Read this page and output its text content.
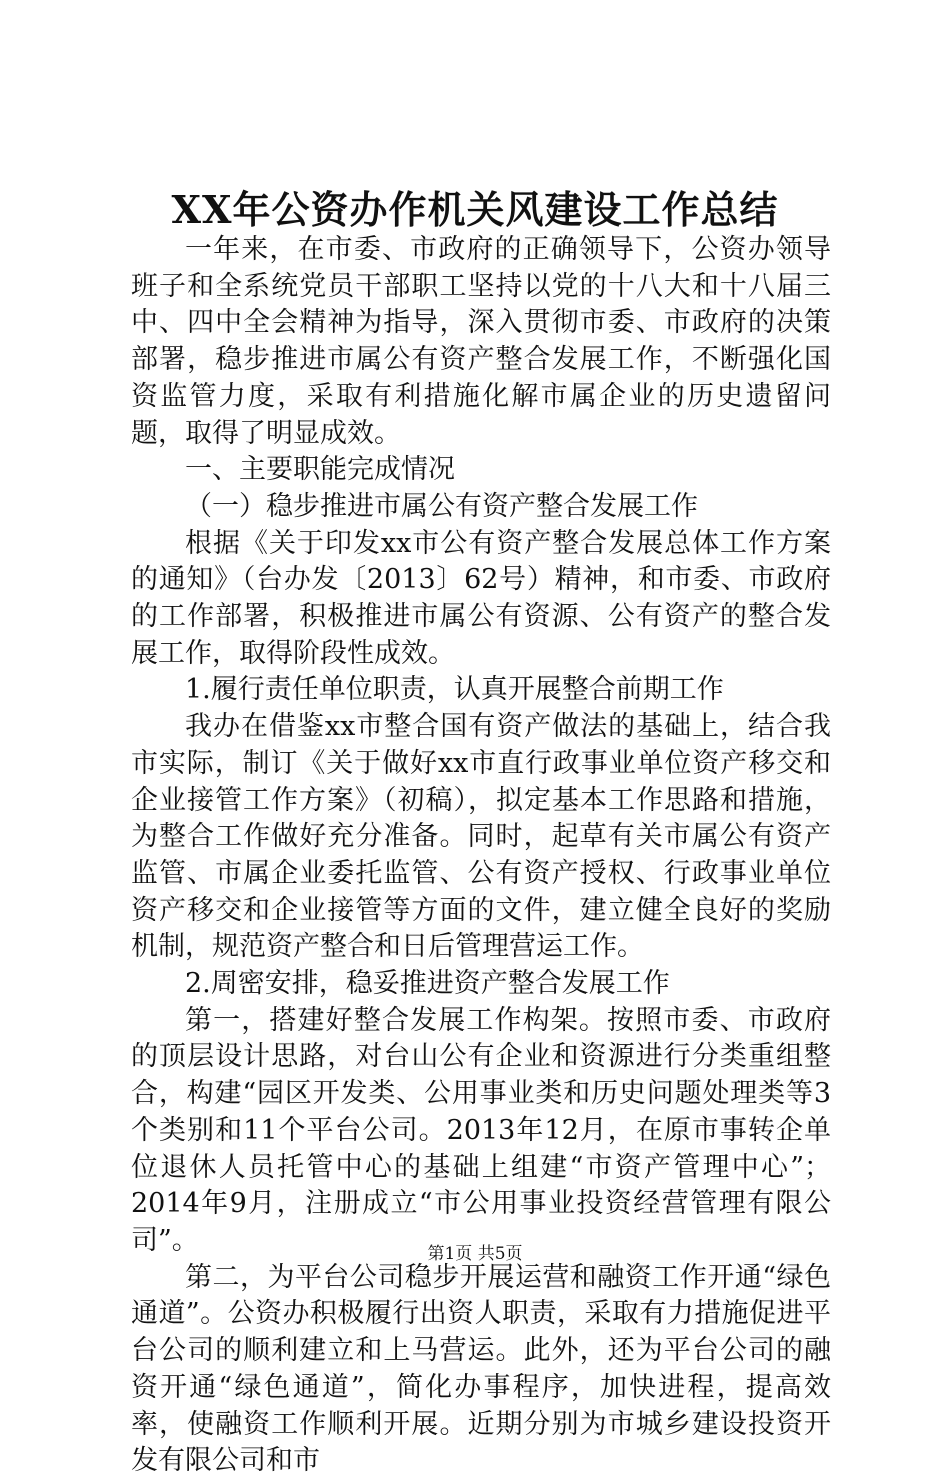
XX年公资办作机关风建设工作总结

一年来，在市委、市政府的正确领导下，公资办领导班子和全系统党员干部职工坚持以党的十八大和十八届三中、四中全会精神为指导，深入贯彻市委、市政府的决策部署，稳步推进市属公有资产整合发展工作，不断强化国资监管力度，采取有利措施化解市属企业的历史遗留问题，取得了明显成效。

一、主要职能完成情况

（一）稳步推进市属公有资产整合发展工作

根据《关于印发xx市公有资产整合发展总体工作方案的通知》（台办发〔2013〕62号）精神，和市委、市政府的工作部署，积极推进市属公有资源、公有资产的整合发展工作，取得阶段性成效。

1.履行责任单位职责，认真开展整合前期工作

我办在借鉴xx市整合国有资产做法的基础上，结合我市实际，制订《关于做好xx市直行政事业单位资产移交和企业接管工作方案》（初稿），拟定基本工作思路和措施，为整合工作做好充分准备。同时，起草有关市属公有资产监管、市属企业委托监管、公有资产授权、行政事业单位资产移交和企业接管等方面的文件，建立健全良好的奖励机制，规范资产整合和日后管理营运工作。

2.周密安排，稳妥推进资产整合发展工作

第一，搭建好整合发展工作构架。按照市委、市政府的顶层设计思路，对台山公有企业和资源进行分类重组整合，构建“园区开发类、公用事业类和历史问题处理类等3个类别和11个平台公司。2013年12月，在原市事转企单位退休人员托管中心的基础上组建“市资产管理中心”；2014年9月，注册成立“市公用事业投资经营管理有限公司”。

第二，为平台公司稳步开展运营和融资工作开通“绿色通道”。公资办积极履行出资人职责，采取有力措施促进平台公司的顺利建立和上马营运。此外，还为平台公司的融资开通“绿色通道”，简化办事程序，加快进程，提高效率，使融资工作顺利开展。近期分别为市城乡建设投资开发有限公司和市

第1页 共5页
